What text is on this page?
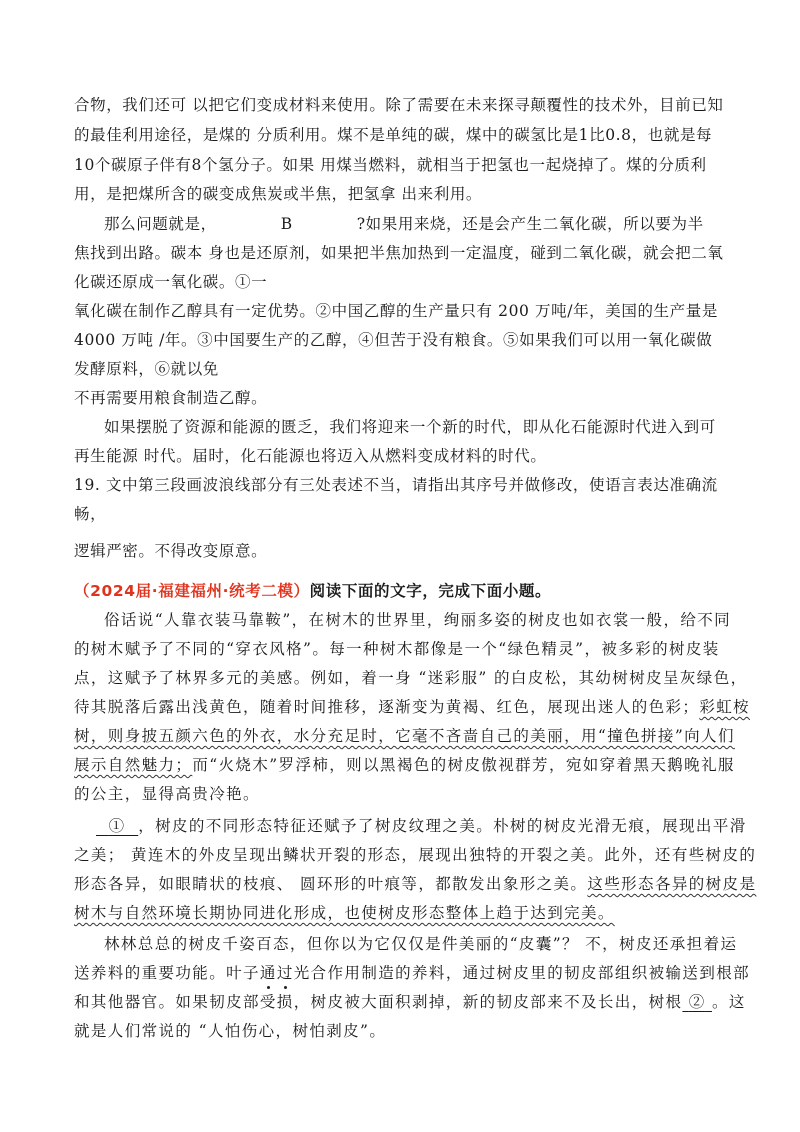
合物，我们还可 以把它们变成材料来使用。除了需要在未来探寻颠覆性的技术外，目前已知
的最佳利用途径，是煤的 分质利用。煤不是单纯的碳，煤中的碳氢比是1比0.8，也就是每
10个碳原子伴有8个氢分子。如果 用煤当燃料，就相当于把氢也一起烧掉了。煤的分质利
用，是把煤所含的碳变成焦炭或半焦，把氢拿 出来利用。
那么问题就是，	B	?如果用来烧，还是会产生二氧化碳，所以要为半
焦找到出路。碳本 身也是还原剂，如果把半焦加热到一定温度，碰到二氧化碳，就会把二氧
化碳还原成一氧化碳。①一
氧化碳在制作乙醇具有一定优势。②中国乙醇的生产量只有 200 万吨/年，美国的生产量是
4000 万吨 /年。③中国要生产的乙醇，④但苦于没有粮食。⑤如果我们可以用一氧化碳做
发酵原料，⑥就以免
不再需要用粮食制造乙醇。
如果摆脱了资源和能源的匮乏，我们将迎来一个新的时代，即从化石能源时代进入到可
再生能源 时代。届时，化石能源也将迈入从燃料变成材料的时代。
19. 文中第三段画波浪线部分有三处表述不当，请指出其序号并做修改，使语言表达准确流
畅，
逻辑严密。不得改变原意。
（2024届·福建福州·统考二模）阅读下面的文字，完成下面小题。
俗话说“人靠衣装马靠鞍”，在树木的世界里，绚丽多姿的树皮也如衣裳一般，给不同
的树木赋予了不同的“穿衣风格”。每一种树木都像是一个“绿色精灵”，被多彩的树皮装
点，这赋予了林界多元的美感。例如，着一身 “迷彩服” 的白皮松，其幼树树皮呈灰绿色，
待其脱落后露出浅黄色，随着时间推移，逐渐变为黄褐、红色，展现出迷人的色彩；彩虹桉
树，则身披五颜六色的外衣，水分充足时，它毫不吝啬自己的美丽，用“撞色拼接”向人们
展示自然魅力；而“火烧木”罗浮柿，则以黑褐色的树皮傲视群芳，宛如穿着黑天鹅晚礼服
的公主，显得高贵冷艳。
① ，树皮的不同形态特征还赋予了树皮纹理之美。朴树的树皮光滑无痕，展现出平滑
之美； 黄连木的外皮呈现出鳞状开裂的形态，展现出独特的开裂之美。此外，还有些树皮的
形态各异，如眼睛状的枝痕、 圆环形的叶痕等，都散发出象形之美。这些形态各异的树皮是
树木与自然环境长期协同进化形成，也使树皮形态整体上趋于达到完美。
林林总总的树皮千姿百态，但你以为它仅仅是件美丽的“皮囊”？ 不，树皮还承担着运
送养料的重要功能。叶子通过光合作用制造的养料，通过树皮里的韧皮部组织被输送到根部
和其他器官。如果韧皮部受损，树皮被大面积剥掉，新的韧皮部来不及长出，树根 ② 。这
就是人们常说的 “人怕伤心，树怕剥皮”。
